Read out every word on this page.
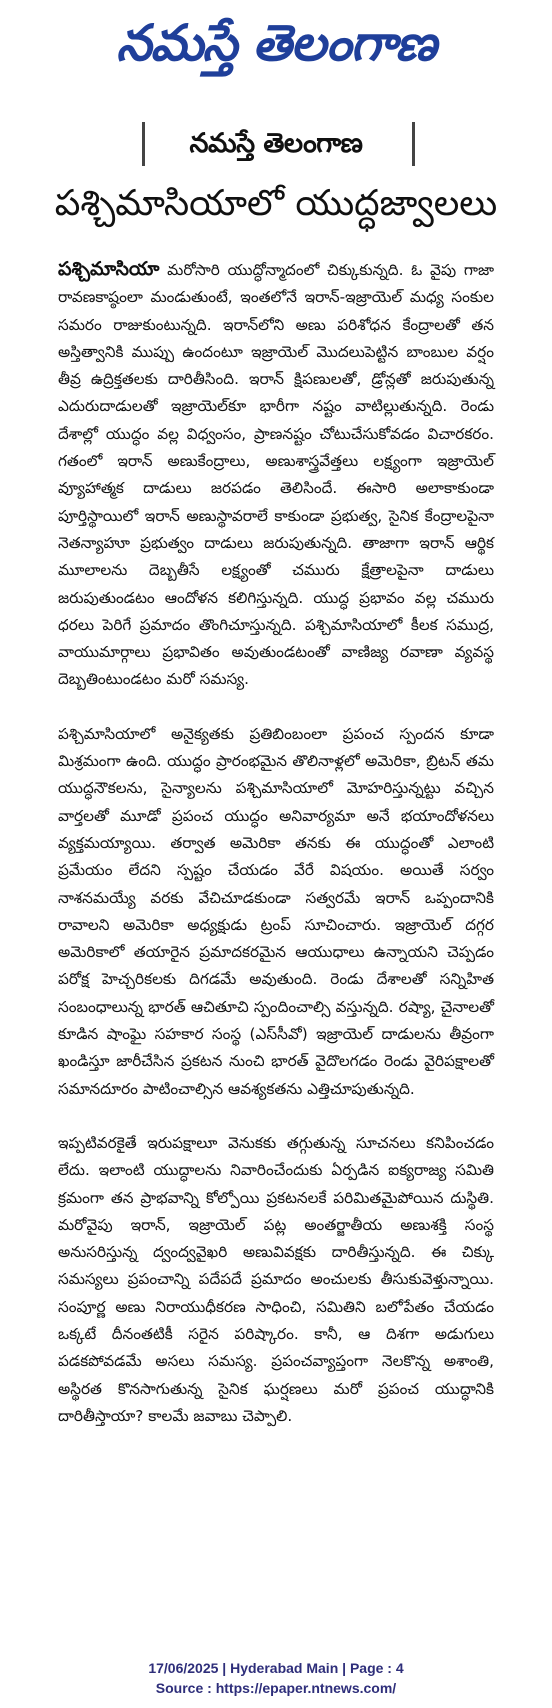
నమస్తే తెలంగాణ
నమస్తే తెలంగాణ
పశ్చిమాసియాలో యుద్ధజ్వాలలు

పశ్చిమాసియా మరోసారి యుద్ధోన్మాదంలో చిక్కుకున్నది. ఓ వైపు గాజా రావణకాష్ఠంలా మండుతుంటే, ఇంతలోనే ఇరాన్-ఇజ్రాయెల్ మధ్య సంకుల సమరం రాజుకుంటున్నది. ఇరాన్‌లోని అణు పరిశోధన కేంద్రాలతో తన అస్తిత్వానికి ముప్పు ఉందంటూ ఇజ్రాయెల్ మొదలుపెట్టిన బాంబుల వర్షం తీవ్ర ఉద్రిక్తతలకు దారితీసింది. ఇరాన్ క్షిపణులతో, డ్రోన్లతో జరుపుతున్న ఎదురుదాడులతో ఇజ్రాయెల్‌కూ భారీగా నష్టం వాటిల్లుతున్నది. రెండు దేశాల్లో యుద్ధం వల్ల విధ్వంసం, ప్రాణనష్టం చోటుచేసుకోవడం విచారకరం. గతంలో ఇరాన్ అణుకేంద్రాలు, అణుశాస్త్రవేత్తలు లక్ష్యంగా ఇజ్రాయెల్ వ్యూహాత్మక దాడులు జరపడం తెలిసిందే. ఈసారి అలాకాకుండా పూర్తిస్థాయిలో ఇరాన్ అణుస్థావరాలే కాకుండా ప్రభుత్వ, సైనిక కేంద్రాలపైనా నెతన్యాహూ ప్రభుత్వం దాడులు జరుపుతున్నది. తాజాగా ఇరాన్ ఆర్థిక మూలాలను దెబ్బతీసే లక్ష్యంతో చమురు క్షేత్రాలపైనా దాడులు జరుపుతుండటం ఆందోళన కలిగిస్తున్నది. యుద్ధ ప్రభావం వల్ల చమురు ధరలు పెరిగే ప్రమాదం తొంగిచూస్తున్నది. పశ్చిమాసియాలో కీలక సముద్ర, వాయుమార్గాలు ప్రభావితం అవుతుండటంతో వాణిజ్య రవాణా వ్యవస్థ దెబ్బతింటుండటం మరో సమస్య.

పశ్చిమాసియాలో అనైక్యతకు ప్రతిబింబంలా ప్రపంచ స్పందన కూడా మిశ్రమంగా ఉంది. యుద్ధం ప్రారంభమైన తొలినాళ్లలో అమెరికా, బ్రిటన్ తమ యుద్ధనౌకలను, సైన్యాలను పశ్చిమాసియాలో మోహరిస్తున్నట్టు వచ్చిన వార్తలతో మూడో ప్రపంచ యుద్ధం అనివార్యమా అనే భయాందోళనలు వ్యక్తమయ్యాయి. తర్వాత అమెరికా తనకు ఈ యుద్ధంతో ఎలాంటి ప్రమేయం లేదని స్పష్టం చేయడం వేరే విషయం. అయితే సర్వం నాశనమయ్యే వరకు వేచిచూడకుండా సత్వరమే ఇరాన్ ఒప్పందానికి రావాలని అమెరికా అధ్యక్షుడు ట్రంప్ సూచించారు. ఇజ్రాయెల్ దగ్గర అమెరికాలో తయారైన ప్రమాదకరమైన ఆయుధాలు ఉన్నాయని చెప్పడం పరోక్ష హెచ్చరికలకు దిగడమే అవుతుంది. రెండు దేశాలతో సన్నిహిత సంబంధాలున్న భారత్ ఆచితూచి స్పందించాల్సి వస్తున్నది. రష్యా, చైనాలతో కూడిన షాంఘై సహకార సంస్థ (ఎస్‌సీవో) ఇజ్రాయెల్ దాడులను తీవ్రంగా ఖండిస్తూ జారీచేసిన ప్రకటన నుంచి భారత్ వైదొలగడం రెండు వైరిపక్షాలతో సమానదూరం పాటించాల్సిన ఆవశ్యకతను ఎత్తిచూపుతున్నది.

ఇప్పటివరకైతే ఇరుపక్షాలూ వెనుకకు తగ్గుతున్న సూచనలు కనిపించడం లేదు. ఇలాంటి యుద్ధాలను నివారించేందుకు ఏర్పడిన ఐక్యరాజ్య సమితి క్రమంగా తన ప్రాభవాన్ని కోల్పోయి ప్రకటనలకే పరిమితమైపోయిన దుస్థితి. మరోవైపు ఇరాన్, ఇజ్రాయెల్ పట్ల అంతర్జాతీయ అణుశక్తి సంస్థ అనుసరిస్తున్న ద్వంద్వవైఖరి అణువివక్షకు దారితీస్తున్నది. ఈ చిక్కు సమస్యలు ప్రపంచాన్ని పదేపదే ప్రమాదం అంచులకు తీసుకువెళ్తున్నాయి. సంపూర్ణ అణు నిరాయుధీకరణ సాధించి, సమితిని బలోపేతం చేయడం ఒక్కటే దీనంతటికీ సరైన పరిష్కారం. కానీ, ఆ దిశగా అడుగులు పడకపోవడమే అసలు సమస్య. ప్రపంచవ్యాప్తంగా నెలకొన్న అశాంతి, అస్థిరత కొనసాగుతున్న సైనిక ఘర్షణలు మరో ప్రపంచ యుద్ధానికి దారితీస్తాయా? కాలమే జవాబు చెప్పాలి.

17/06/2025 | Hyderabad Main | Page : 4
Source : https://epaper.ntnews.com/
